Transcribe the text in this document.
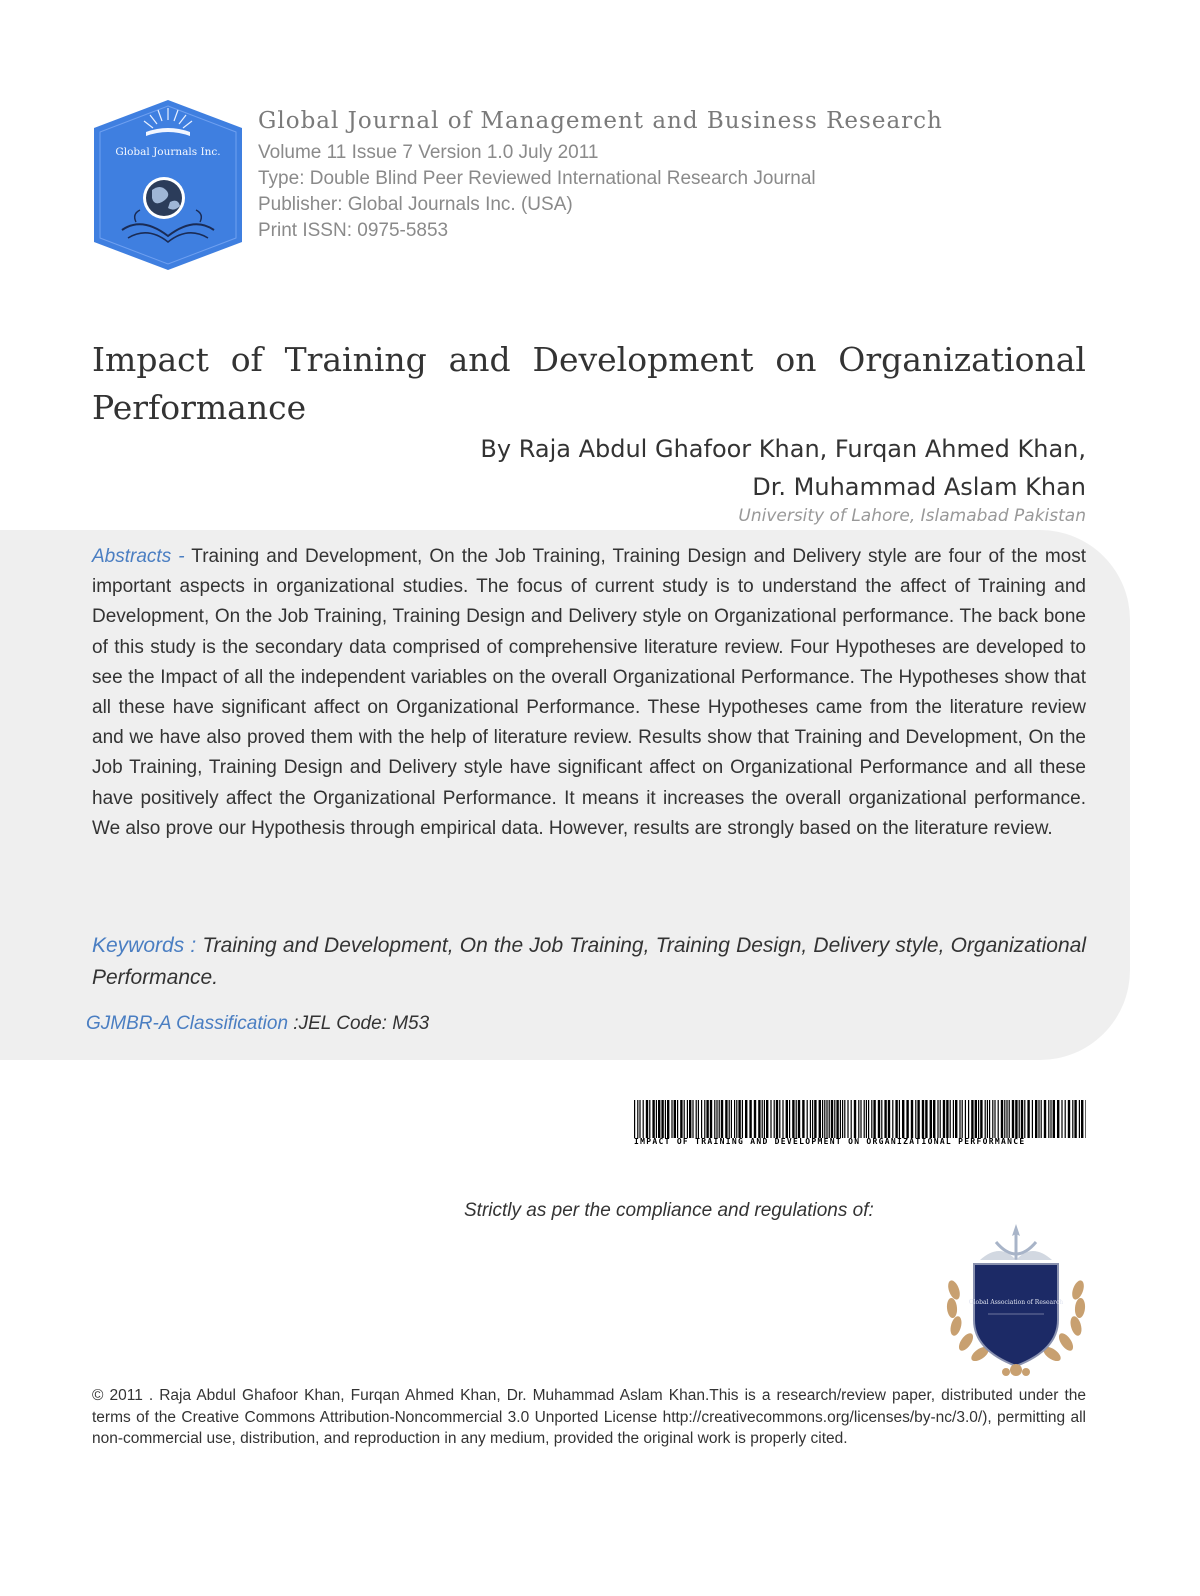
Global Journals Inc.
Global Journal of Management and Business Research
Volume 11 Issue 7 Version 1.0 July 2011
Type: Double Blind Peer Reviewed International Research Journal
Publisher: Global Journals Inc. (USA)
Print ISSN: 0975-5853
Impact of Training and Development on Organizational
Performance
By Raja Abdul Ghafoor Khan, Furqan Ahmed Khan,
Dr. Muhammad Aslam Khan
University of Lahore, Islamabad Pakistan
Abstracts - Training and Development, On the Job Training, Training Design and Delivery style are four of the most important aspects in organizational studies. The focus of current study is to understand the affect of Training and Development, On the Job Training, Training Design and Delivery style on Organizational performance. The back bone of this study is the secondary data comprised of comprehensive literature review. Four Hypotheses are developed to see the Impact of all the independent variables on the overall Organizational Performance. The Hypotheses show that all these have significant affect on Organizational Performance. These Hypotheses came from the literature review and we have also proved them with the help of literature review. Results show that Training and Development, On the Job Training, Training Design and Delivery style have significant affect on Organizational Performance and all these have positively affect the Organizational Performance. It means it increases the overall organizational performance. We also prove our Hypothesis through empirical data. However, results are strongly based on the literature review.
Keywords : Training and Development, On the Job Training, Training Design, Delivery style, Organizational Performance.
GJMBR-A Classification :JEL Code: M53
IMPACT OF TRAINING AND DEVELOPMENT ON ORGANIZATIONAL PERFORMANCE
Strictly as per the compliance and regulations of:
Global Association of Research
© 2011 . Raja Abdul Ghafoor Khan, Furqan Ahmed Khan, Dr. Muhammad Aslam Khan.This is a research/review paper, distributed under the terms of the Creative Commons Attribution-Noncommercial 3.0 Unported License http://creativecommons.org/licenses/by-nc/3.0/), permitting all non-commercial use, distribution, and reproduction in any medium, provided the original work is properly cited.
